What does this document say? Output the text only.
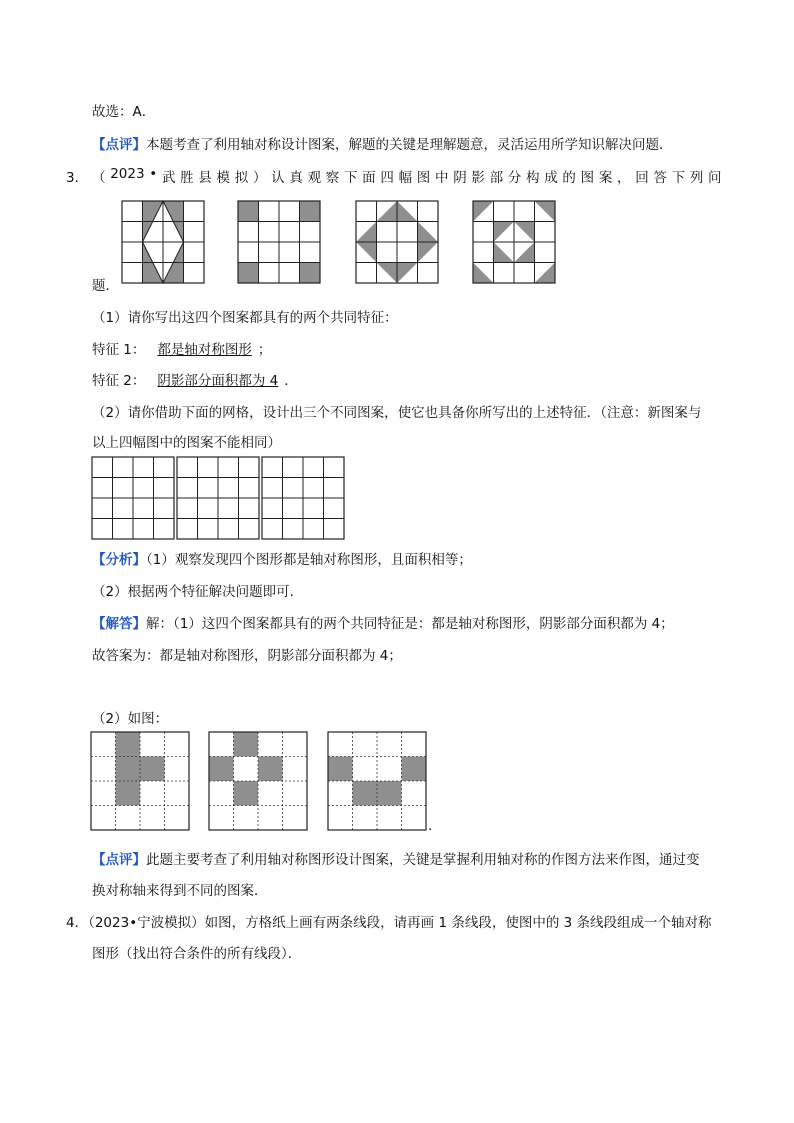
故选：A．
【点评】本题考查了利用轴对称设计图案，解题的关键是理解题意，灵活运用所学知识解决问题．
3． （ 2023 • 武 胜 县 模 拟 ） 认 真 观 察 下 面 四 幅 图 中 阴 影 部 分 构 成 的 图 案 ， 回 答 下 列 问
题．
（1）请你写出这四个图案都具有的两个共同特征：
特征 1： 都是轴对称图形 ；
特征 2： 阴影部分面积都为 4 ．
（2）请你借助下面的网格，设计出三个不同图案，使它也具备你所写出的上述特征．（注意：新图案与
以上四幅图中的图案不能相同）
【分析】（1）观察发现四个图形都是轴对称图形，且面积相等；
（2）根据两个特征解决问题即可．
【解答】解：（1）这四个图案都具有的两个共同特征是：都是轴对称图形，阴影部分面积都为 4；
故答案为：都是轴对称图形，阴影部分面积都为 4；
（2）如图：
.
【点评】此题主要考查了利用轴对称图形设计图案，关键是掌握利用轴对称的作图方法来作图，通过变
换对称轴来得到不同的图案．
4．（2023•宁波模拟）如图，方格纸上画有两条线段，请再画 1 条线段，使图中的 3 条线段组成一个轴对称
图形（找出符合条件的所有线段）．
